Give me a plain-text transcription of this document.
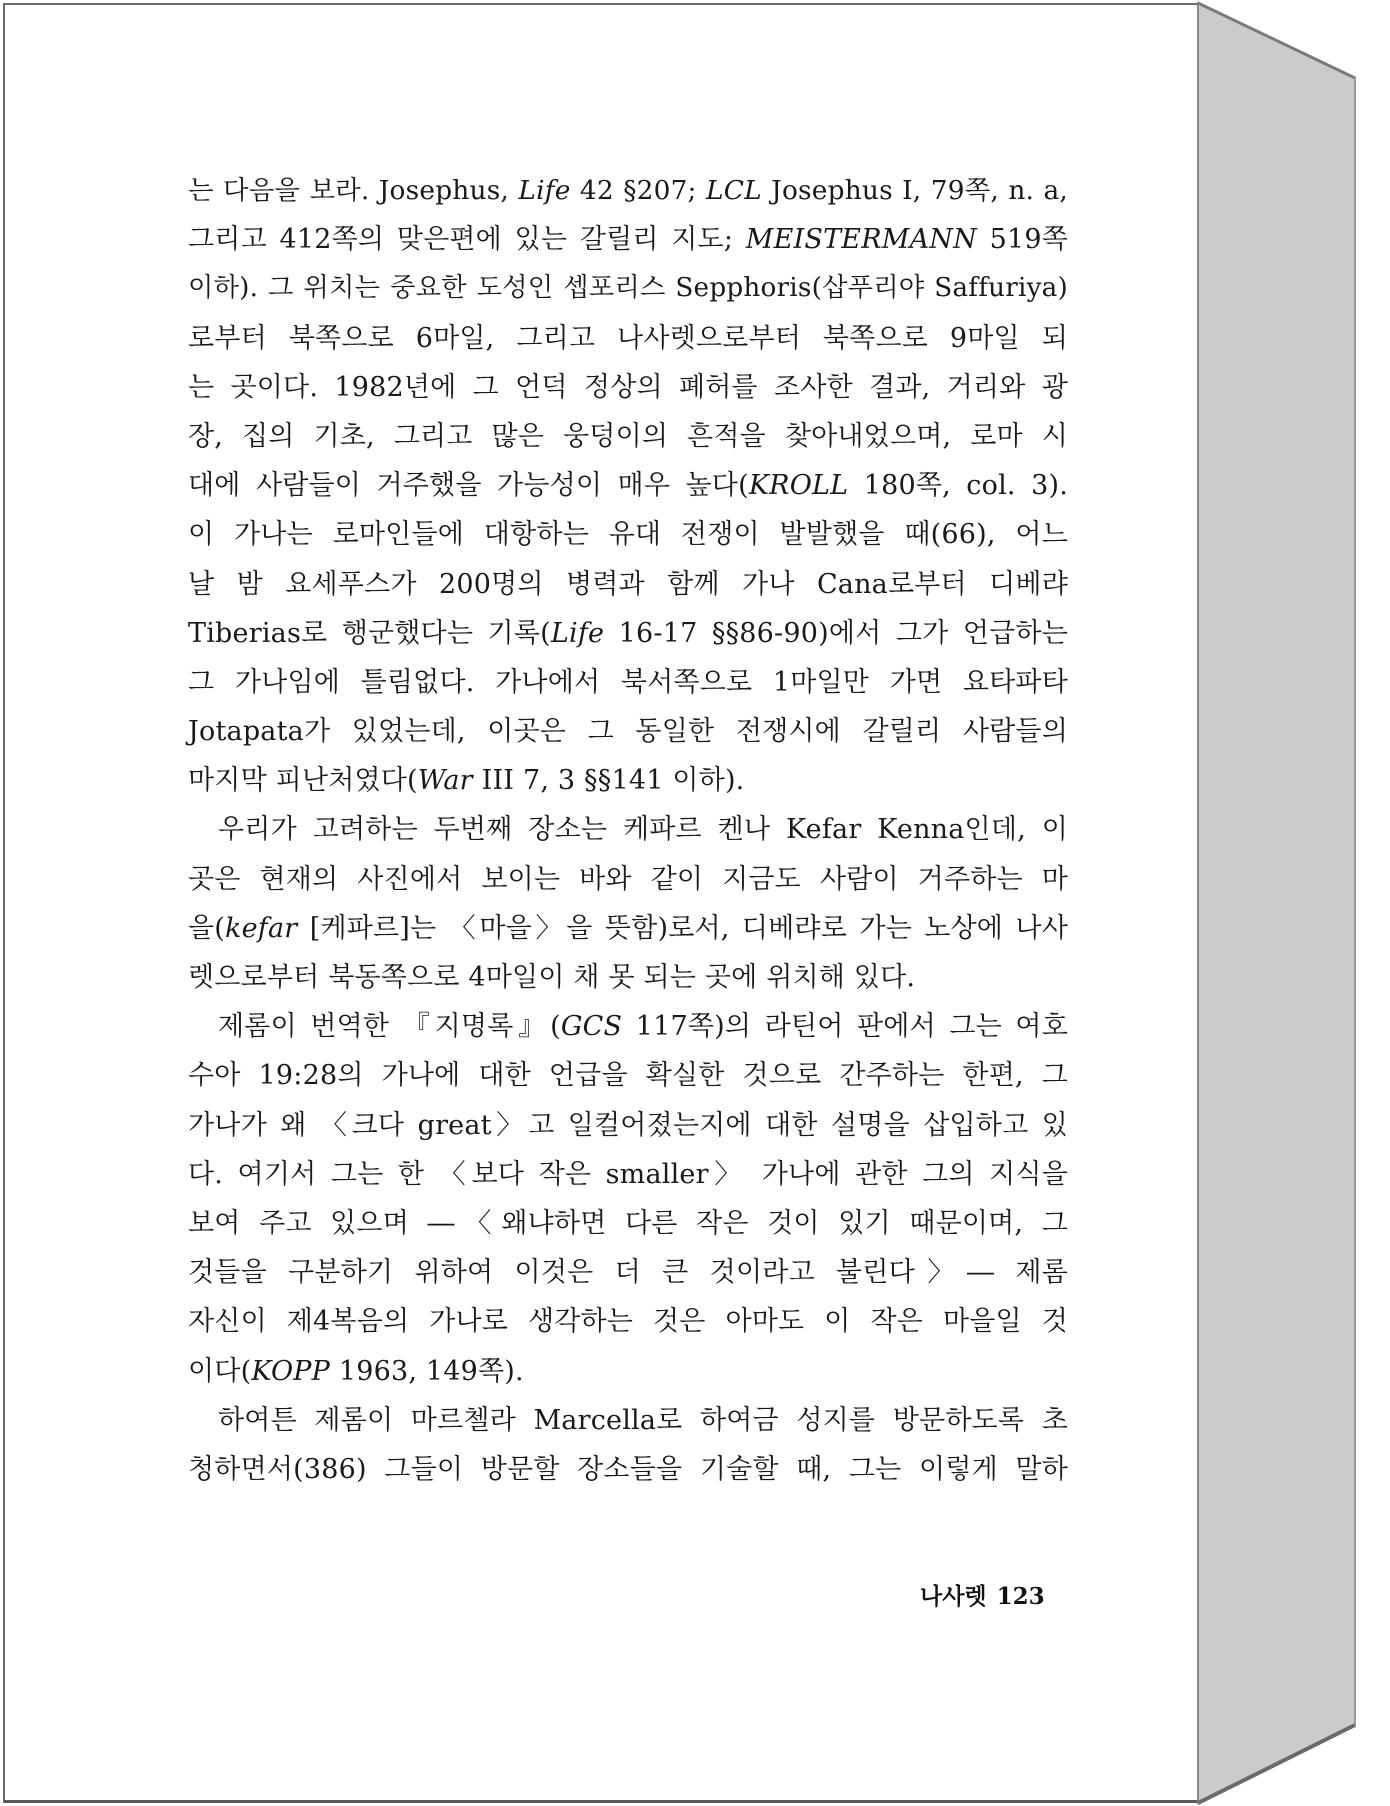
는 다음을 보라. Josephus, Life 42 §207; LCL Josephus I, 79쪽, n. a,
그리고 412쪽의 맞은편에 있는 갈릴리 지도; MEISTERMANN 519쪽
이하). 그 위치는 중요한 도성인 셉포리스 Sepphoris(삽푸리야 Saffuriya)
로부터 북쪽으로 6마일, 그리고 나사렛으로부터 북쪽으로 9마일 되
는 곳이다. 1982년에 그 언덕 정상의 폐허를 조사한 결과, 거리와 광
장, 집의 기초, 그리고 많은 웅덩이의 흔적을 찾아내었으며, 로마 시
대에 사람들이 거주했을 가능성이 매우 높다(KROLL 180쪽, col. 3).
이 가나는 로마인들에 대항하는 유대 전쟁이 발발했을 때(66), 어느
날 밤 요세푸스가 200명의 병력과 함께 가나 Cana로부터 디베랴
Tiberias로 행군했다는 기록(Life 16-17 §§86-90)에서 그가 언급하는
그 가나임에 틀림없다. 가나에서 북서쪽으로 1마일만 가면 요타파타
Jotapata가 있었는데, 이곳은 그 동일한 전쟁시에 갈릴리 사람들의
마지막 피난처였다(War III 7, 3 §§141 이하).
우리가 고려하는 두번째 장소는 케파르 켄나 Kefar Kenna인데, 이
곳은 현재의 사진에서 보이는 바와 같이 지금도 사람이 거주하는 마
을(kefar [케파르]는 〈마을〉을 뜻함)로서, 디베랴로 가는 노상에 나사
렛으로부터 북동쪽으로 4마일이 채 못 되는 곳에 위치해 있다.
제롬이 번역한 『지명록』(GCS 117쪽)의 라틴어 판에서 그는 여호
수아 19:28의 가나에 대한 언급을 확실한 것으로 간주하는 한편, 그
가나가 왜 〈크다 great〉고 일컬어졌는지에 대한 설명을 삽입하고 있
다. 여기서 그는 한 〈보다 작은 smaller〉 가나에 관한 그의 지식을
보여 주고 있으며 ―〈왜냐하면 다른 작은 것이 있기 때문이며, 그
것들을 구분하기 위하여 이것은 더 큰 것이라고 불린다〉― 제롬
자신이 제4복음의 가나로 생각하는 것은 아마도 이 작은 마을일 것
이다(KOPP 1963, 149쪽).
하여튼 제롬이 마르첼라 Marcella로 하여금 성지를 방문하도록 초
청하면서(386) 그들이 방문할 장소들을 기술할 때, 그는 이렇게 말하
나사렛 123
